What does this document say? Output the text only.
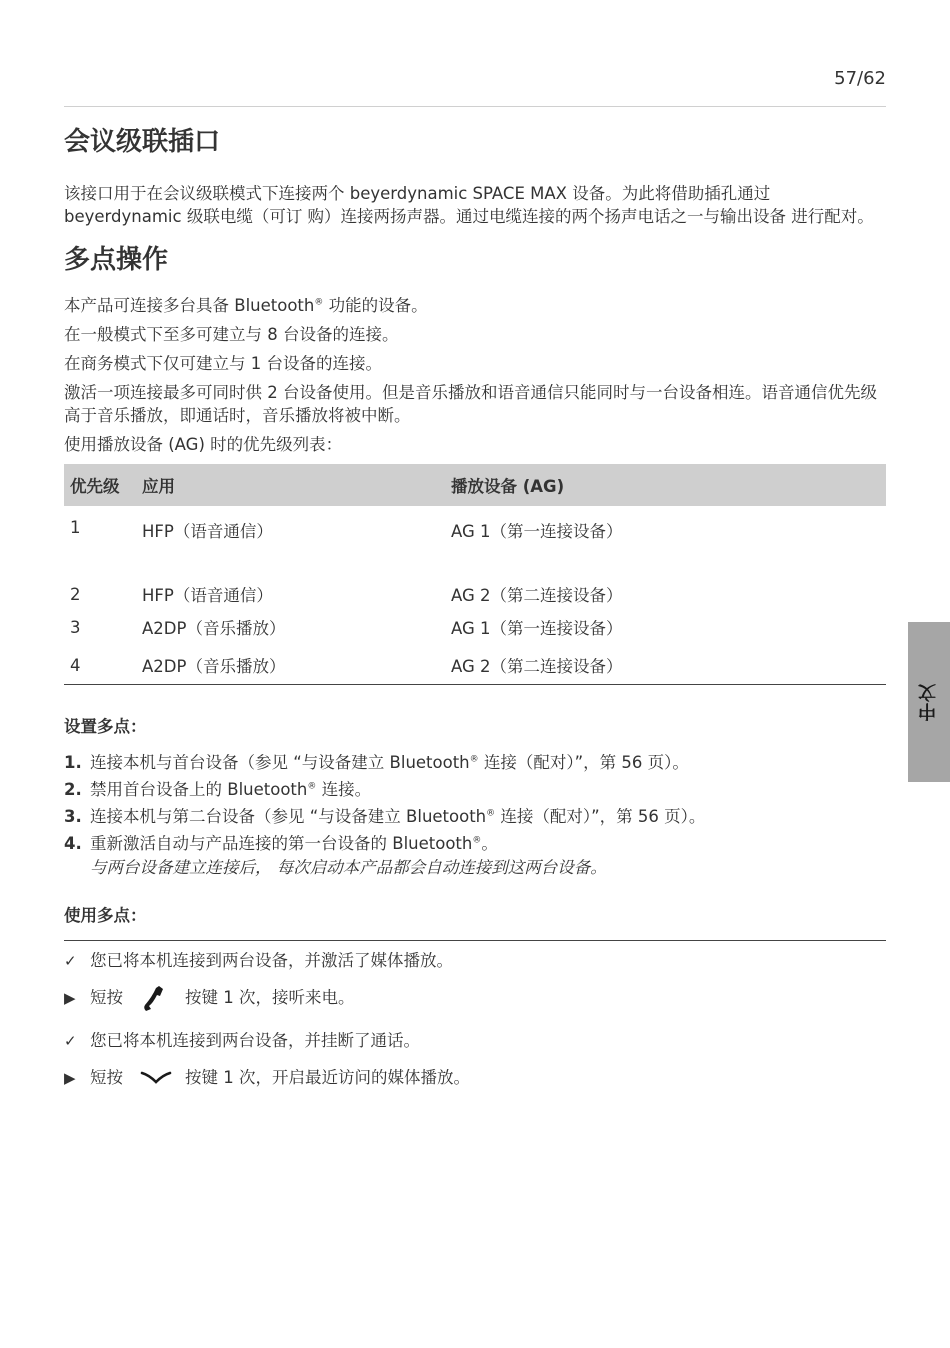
57/62
会议级联插口

该接口用于在会议级联模式下连接两个 beyerdynamic SPACE MAX 设备。为此将借助插孔通过 beyerdynamic 级联电缆（可订 购）连接两扬声器。通过电缆连接的两个扬声电话之一与输出设备 进行配对。

多点操作

本产品可连接多台具备 Bluetooth® 功能的设备。

在一般模式下至多可建立与 8 台设备的连接。

在商务模式下仅可建立与 1 台设备的连接。

激活一项连接最多可同时供 2 台设备使用。但是音乐播放和语音通信只能同时与一台设备相连。语音通信优先级高于音乐播放，即通话时，音乐播放将被中断。

使用播放设备 (AG) 时的优先级列表：

优先级	应用	播放设备 (AG)
1	HFP（语音通信）	AG 1（第一连接设备）
2	HFP（语音通信）	AG 2（第二连接设备）
3	A2DP（音乐播放）	AG 1（第一连接设备）
4	A2DP（音乐播放）	AG 2（第二连接设备）
设置多点：
1. 连接本机与首台设备（参见 “与设备建立 Bluetooth® 连接（配对）”，第 56 页）。
2. 禁用首台设备上的 Bluetooth® 连接。
3. 连接本机与第二台设备（参见 “与设备建立 Bluetooth® 连接（配对）”，第 56 页）。
4. 重新激活自动与产品连接的第一台设备的 Bluetooth®。
与两台设备建立连接后， 每次启动本产品都会自动连接到这两台设备。
使用多点：
✓ 您已将本机连接到两台设备，并激活了媒体播放。
▶ 短按	按键 1 次，接听来电。
✓ 您已将本机连接到两台设备，并挂断了通话。
▶ 短按	按键 1 次，开启最近访问的媒体播放。
中文
